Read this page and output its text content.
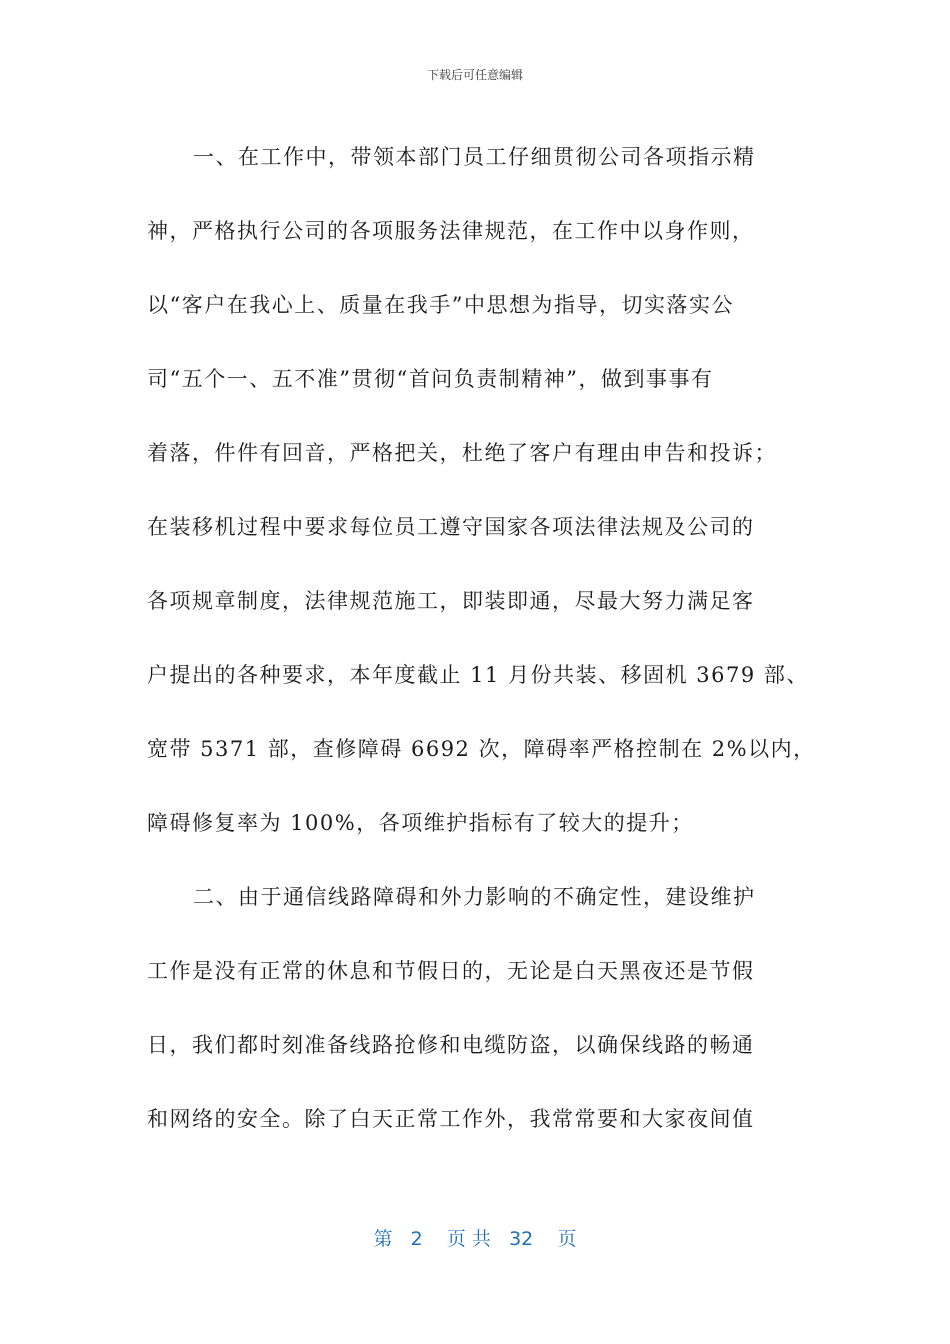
下载后可任意编辑
一、在工作中，带领本部门员工仔细贯彻公司各项指示精
神，严格执行公司的各项服务法律规范，在工作中以身作则，
以“客户在我心上、质量在我手”中思想为指导，切实落实公
司“五个一、五不准”贯彻“首问负责制精神”，做到事事有
着落，件件有回音，严格把关，杜绝了客户有理由申告和投诉；
在装移机过程中要求每位员工遵守国家各项法律法规及公司的
各项规章制度，法律规范施工，即装即通，尽最大努力满足客
户提出的各种要求，本年度截止 11 月份共装、移固机 3679 部、
宽带 5371 部，查修障碍 6692 次，障碍率严格控制在 2%以内，
障碍修复率为 100%，各项维护指标有了较大的提升；
二、由于通信线路障碍和外力影响的不确定性，建设维护
工作是没有正常的休息和节假日的，无论是白天黑夜还是节假
日，我们都时刻准备线路抢修和电缆防盗，以确保线路的畅通
和网络的安全。除了白天正常工作外，我常常要和大家夜间值
第 2 页 共 32 页
